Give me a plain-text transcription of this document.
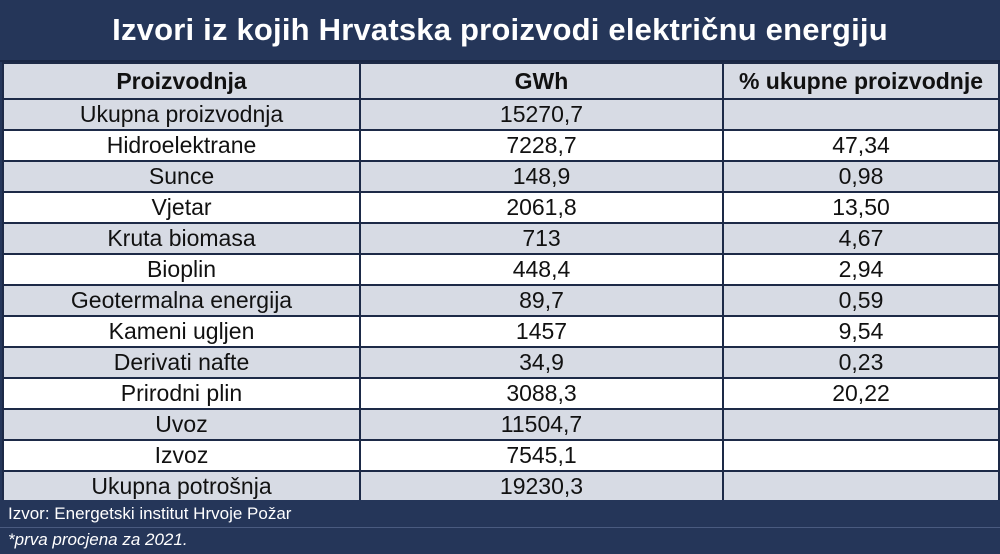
Izvori iz kojih Hrvatska proizvodi električnu energiju
Proizvodnja	GWh	% ukupne proizvodnje
Ukupna proizvodnja	15270,7	
Hidroelektrane	7228,7	47,34
Sunce	148,9	0,98
Vjetar	2061,8	13,50
Kruta biomasa	713	4,67
Bioplin	448,4	2,94
Geotermalna energija	89,7	0,59
Kameni ugljen	1457	9,54
Derivati nafte	34,9	0,23
Prirodni plin	3088,3	20,22
Uvoz	11504,7	
Izvoz	7545,1	
Ukupna potrošnja	19230,3	
Izvor: Energetski institut Hrvoje Požar
*prva procjena za 2021.
